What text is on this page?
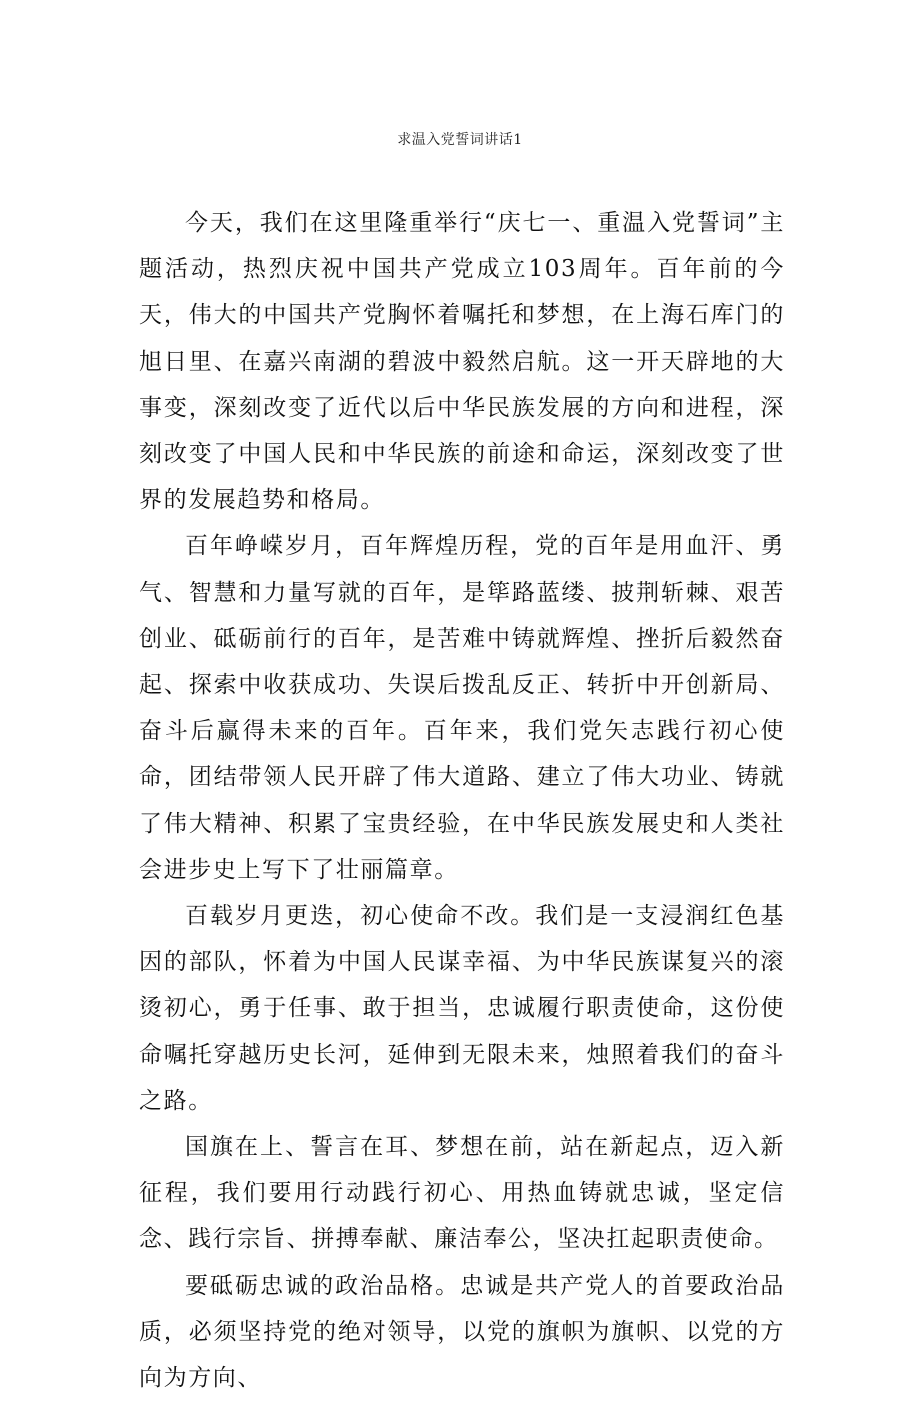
求温入党誓词讲话1

今天，我们在这里隆重举行“庆七一、重温入党誓词”主题活动，热烈庆祝中国共产党成立103周年。百年前的今天，伟大的中国共产党胸怀着嘱托和梦想，在上海石库门的旭日里、在嘉兴南湖的碧波中毅然启航。这一开天辟地的大事变，深刻改变了近代以后中华民族发展的方向和进程，深刻改变了中国人民和中华民族的前途和命运，深刻改变了世界的发展趋势和格局。

百年峥嵘岁月，百年辉煌历程，党的百年是用血汗、勇气、智慧和力量写就的百年，是筚路蓝缕、披荆斩棘、艰苦创业、砥砺前行的百年，是苦难中铸就辉煌、挫折后毅然奋起、探索中收获成功、失误后拨乱反正、转折中开创新局、奋斗后赢得未来的百年。百年来，我们党矢志践行初心使命，团结带领人民开辟了伟大道路、建立了伟大功业、铸就了伟大精神、积累了宝贵经验，在中华民族发展史和人类社会进步史上写下了壮丽篇章。

百载岁月更迭，初心使命不改。我们是一支浸润红色基因的部队，怀着为中国人民谋幸福、为中华民族谋复兴的滚烫初心，勇于任事、敢于担当，忠诚履行职责使命，这份使命嘱托穿越历史长河，延伸到无限未来，烛照着我们的奋斗之路。

国旗在上、誓言在耳、梦想在前，站在新起点，迈入新征程，我们要用行动践行初心、用热血铸就忠诚，坚定信念、践行宗旨、拼搏奉献、廉洁奉公，坚决扛起职责使命。

要砥砺忠诚的政治品格。忠诚是共产党人的首要政治品质，必须坚持党的绝对领导，以党的旗帜为旗帜、以党的方向为方向、
